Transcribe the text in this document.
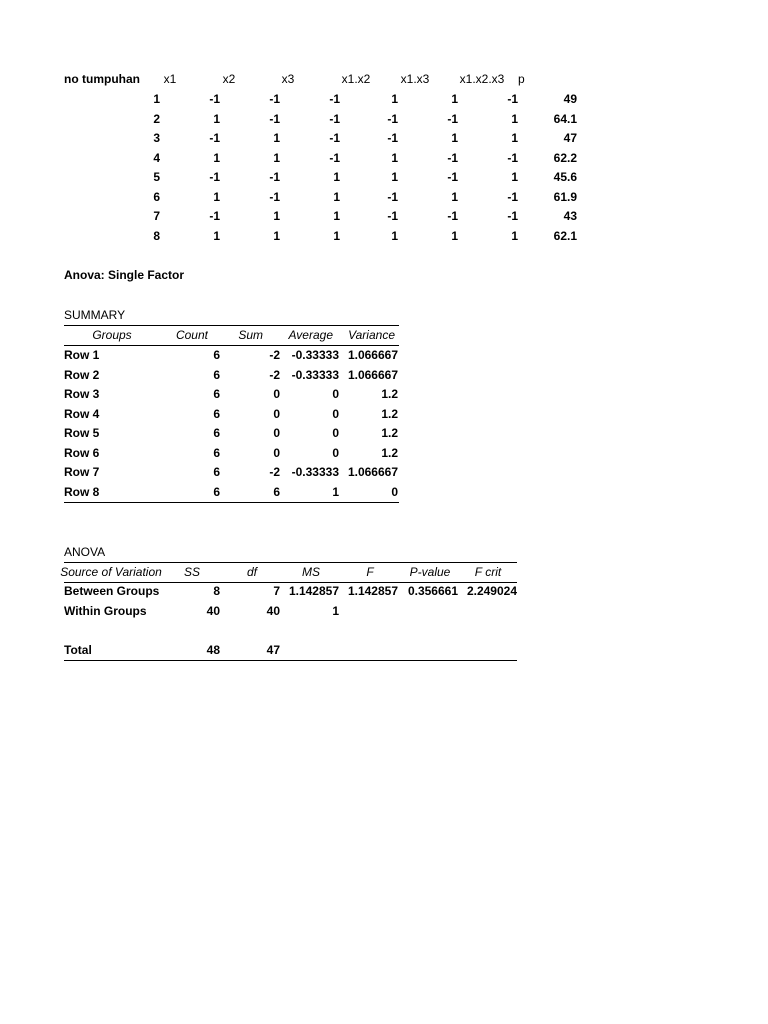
no tumpuhan	x1	x2	x3	x1.x2	x1.x3	x1.x2.x3	p
1	-1	-1	-1	1	1	-1	49
2	1	-1	-1	-1	-1	1	64.1
3	-1	1	-1	-1	1	1	47
4	1	1	-1	1	-1	-1	62.2
5	-1	-1	1	1	-1	1	45.6
6	1	-1	1	-1	1	-1	61.9
7	-1	1	1	-1	-1	-1	43
8	1	1	1	1	1	1	62.1
Anova: Single Factor
SUMMARY
Groups	Count	Sum	Average	Variance
Row 1	6	-2 -0.33333 1.066667
Row 2	6	-2 -0.33333 1.066667
Row 3	6	0	0	1.2
Row 4	6	0	0	1.2
Row 5	6	0	0	1.2
Row 6	6	0	0	1.2
Row 7	6	-2 -0.33333 1.066667
Row 8	6	6	1	0
ANOVA
Source of Variation	SS	df	MS	F	P-value	F crit
Between Groups	8	7 1.142857 1.142857 0.356661 2.249024
Within Groups	40	40	1
Total	48	47
